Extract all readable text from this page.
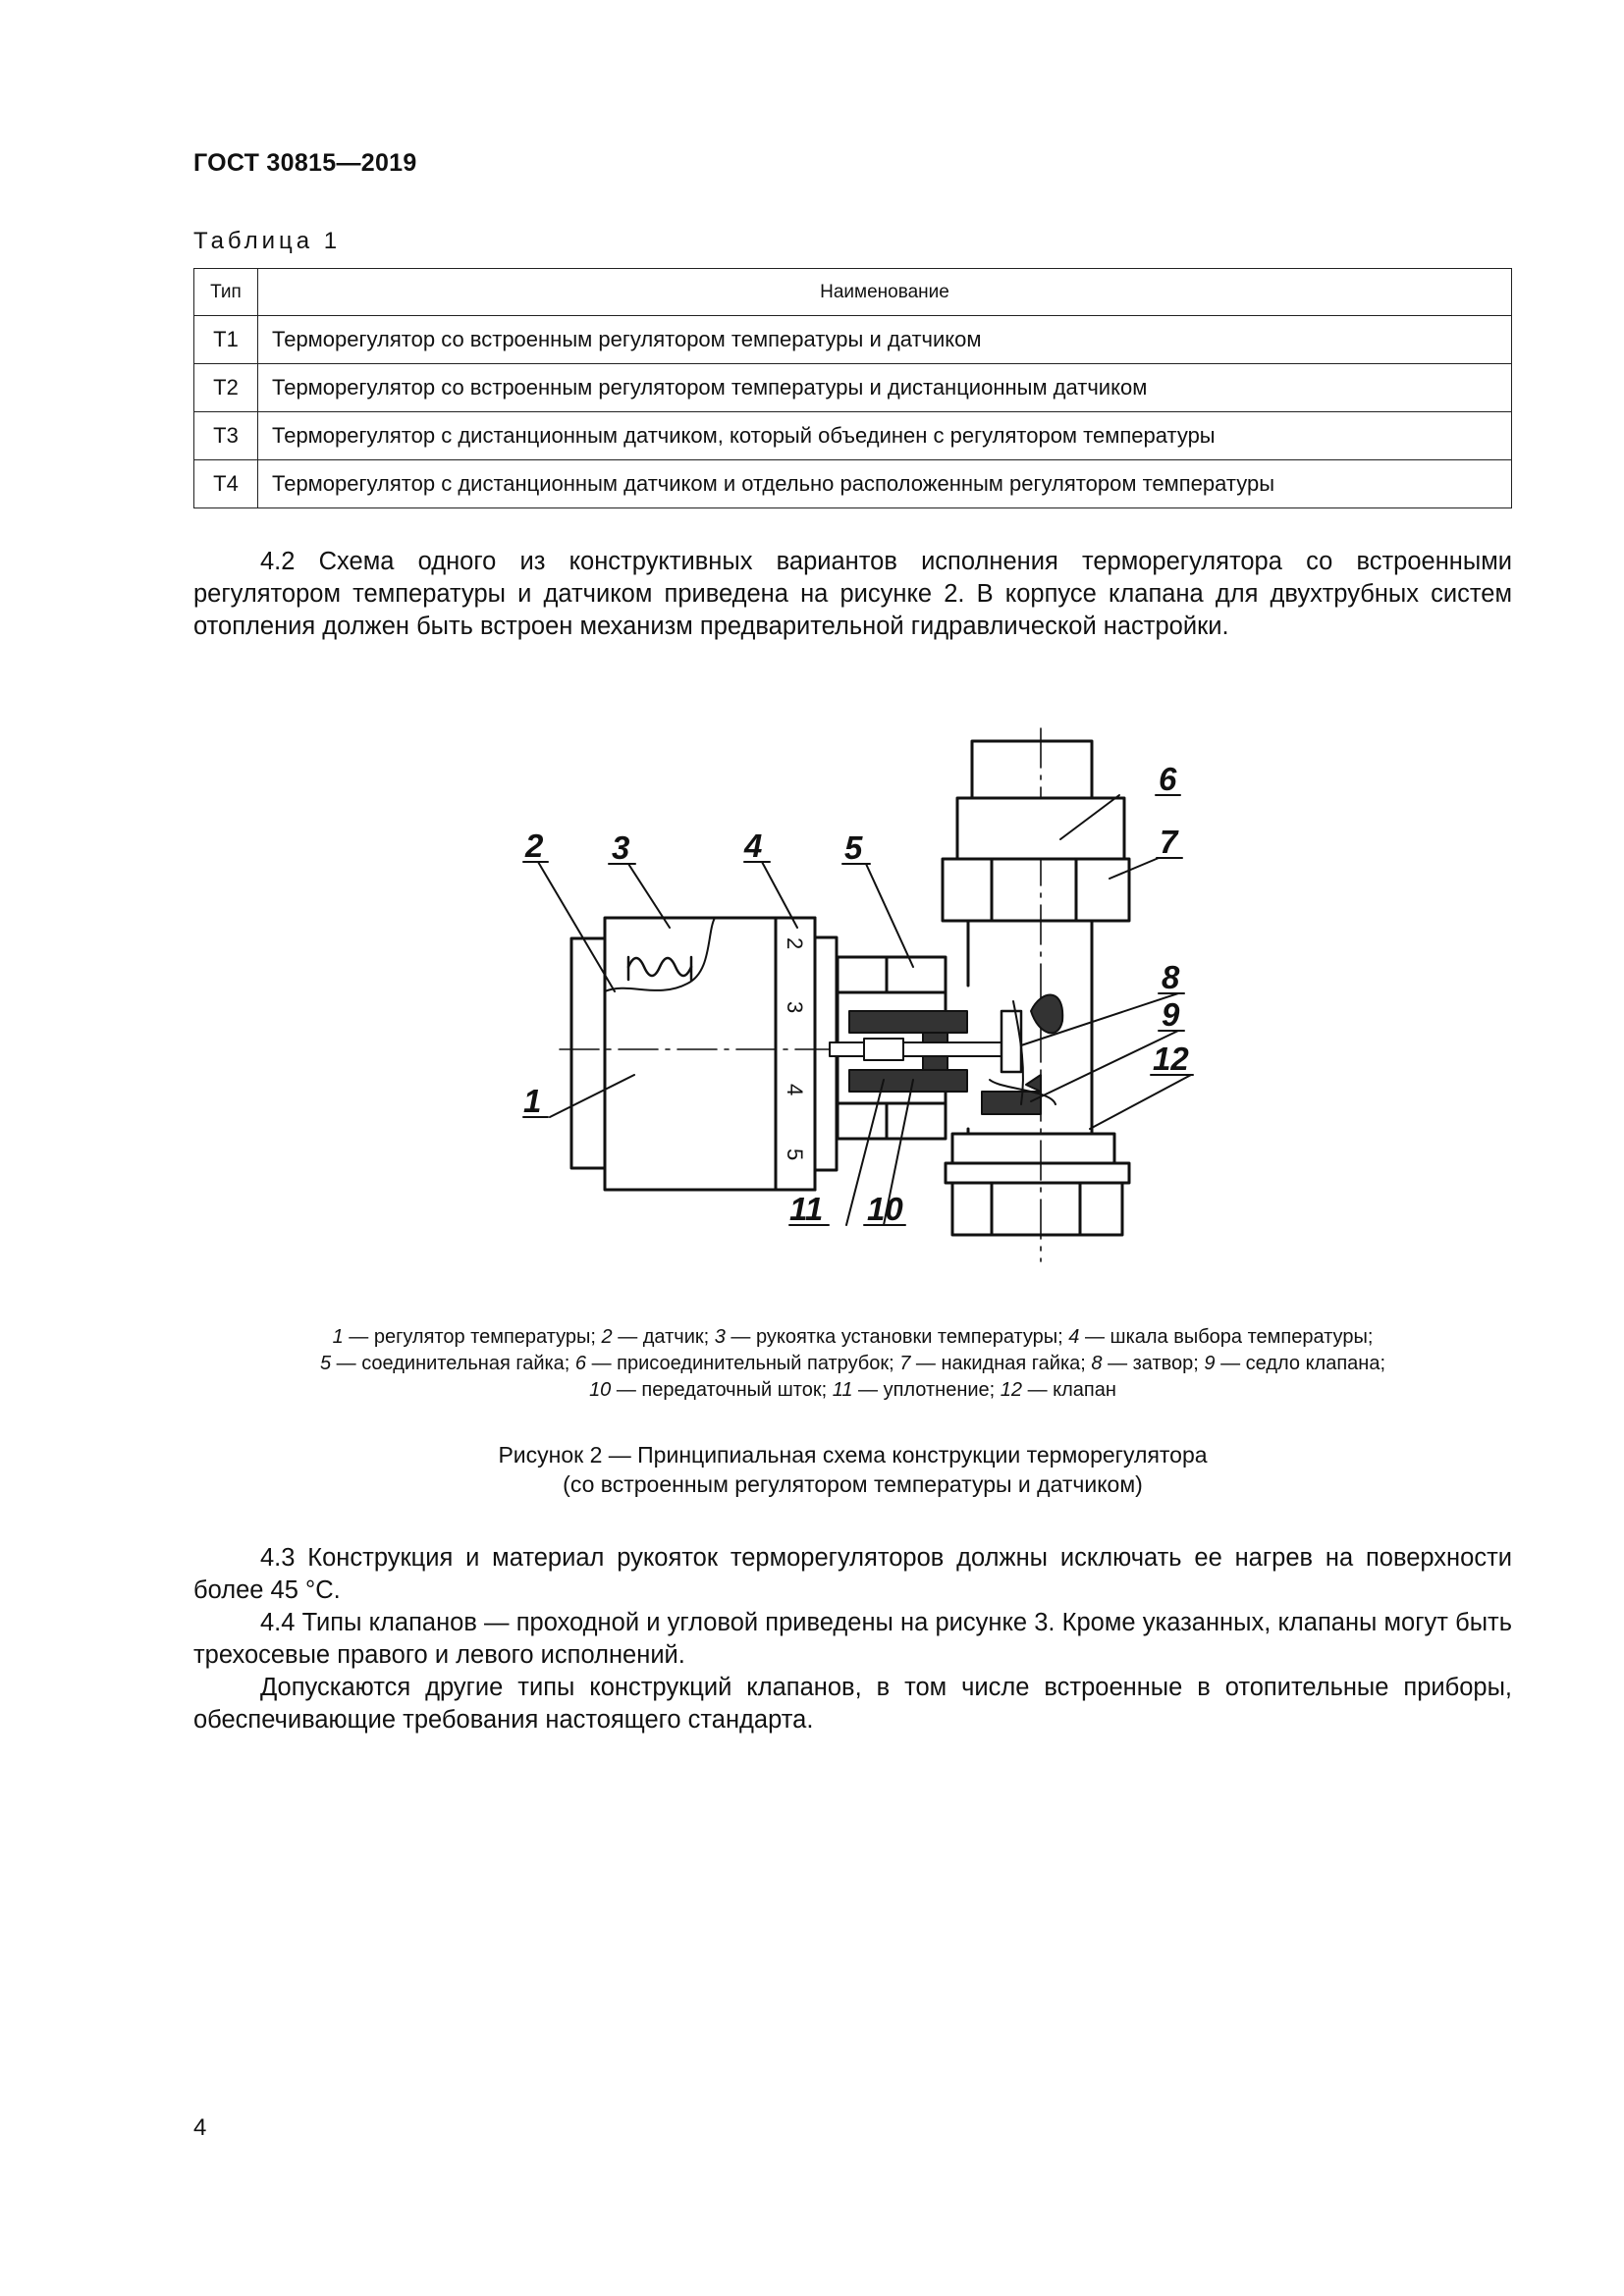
ГОСТ 30815—2019
Таблица 1
Тип	Наименование
Т1	Терморегулятор со встроенным регулятором температуры и датчиком
Т2	Терморегулятор со встроенным регулятором температуры и дистанционным датчиком
Т3	Терморегулятор с дистанционным датчиком, который объединен с регулятором температуры
Т4	Терморегулятор с дистанционным датчиком и отдельно расположенным регулятором температуры

4.2 Схема одного из конструктивных вариантов исполнения терморегулятора со встроенными регулятором температуры и датчиком приведена на рисунке 2. В корпусе клапана для двухтрубных систем отопления должен быть встроен механизм предварительной гидравлической настройки.

1
2 3	4	5
6
7
8
9
10
11
12
2
3
4
5
1 — регулятор температуры; 2 — датчик; 3 — рукоятка установки температуры; 4 — шкала выбора температуры;
5 — соединительная гайка; 6 — присоединительный патрубок; 7 — накидная гайка; 8 — затвор; 9 — седло клапана;
10 — передаточный шток; 11 — уплотнение; 12 — клапан
Рисунок 2 — Принципиальная схема конструкции терморегулятора
(со встроенным регулятором температуры и датчиком)

4.3 Конструкция и материал рукояток терморегуляторов должны исключать ее нагрев на поверхности более 45 °С.

4.4 Типы клапанов — проходной и угловой приведены на рисунке 3. Кроме указанных, клапаны могут быть трехосевые правого и левого исполнений.

Допускаются другие типы конструкций клапанов, в том числе встроенные в отопительные приборы, обеспечивающие требования настоящего стандарта.

4
